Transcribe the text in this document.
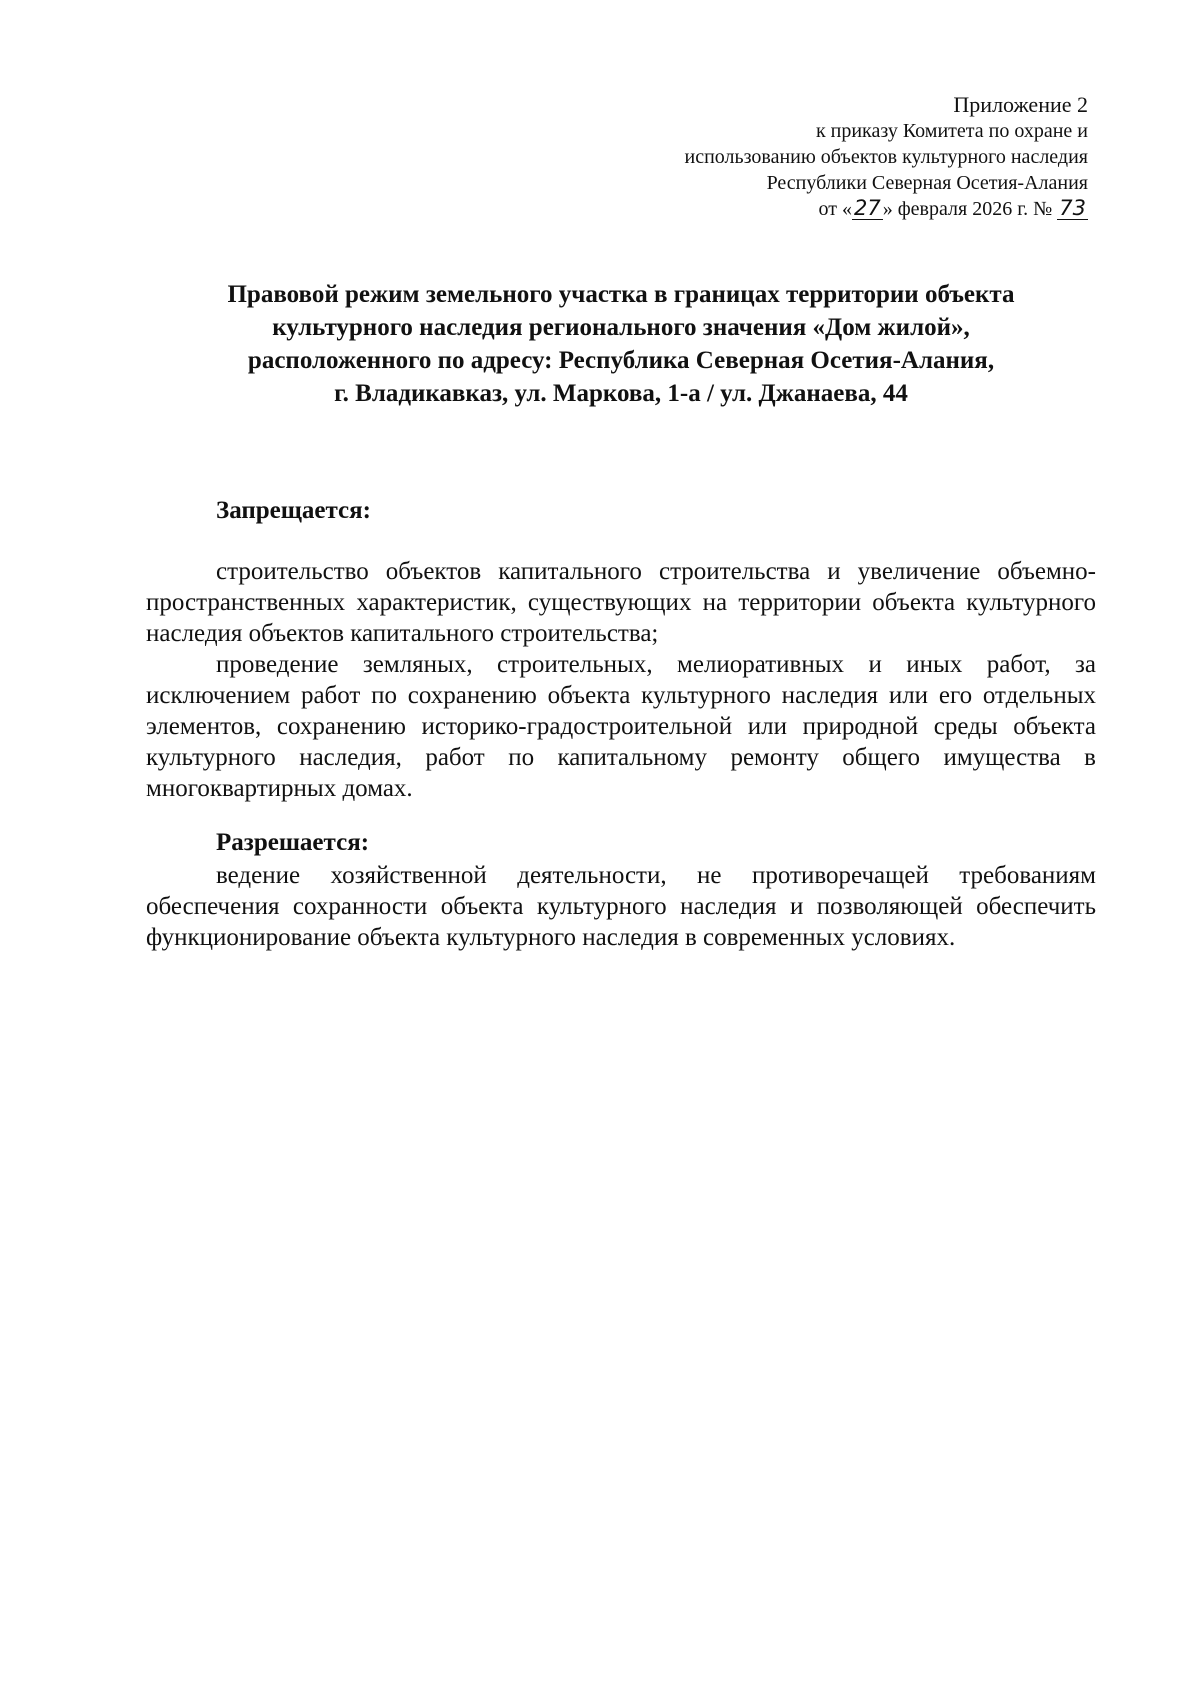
Приложение 2
к приказу Комитета по охране и
использованию объектов культурного наследия
Республики Северная Осетия-Алания
от «27 » февраля 2026 г. № 73
Правовой режим земельного участка в границах территории объекта
культурного наследия регионального значения «Дом жилой»,
расположенного по адресу: Республика Северная Осетия-Алания,
г. Владикавказ, ул. Маркова, 1-а / ул. Джанаева, 44
Запрещается:

строительство объектов капитального строительства и увеличение объемно-пространственных характеристик, существующих на территории объекта культурного наследия объектов капитального строительства;

проведение земляных, строительных, мелиоративных и иных работ, за исключением работ по сохранению объекта культурного наследия или его отдельных элементов, сохранению историко-градостроительной или природной среды объекта культурного наследия, работ по капитальному ремонту общего имущества в многоквартирных домах.

Разрешается:

ведение хозяйственной деятельности, не противоречащей требованиям обеспечения сохранности объекта культурного наследия и позволяющей обеспечить функционирование объекта культурного наследия в современных условиях.
